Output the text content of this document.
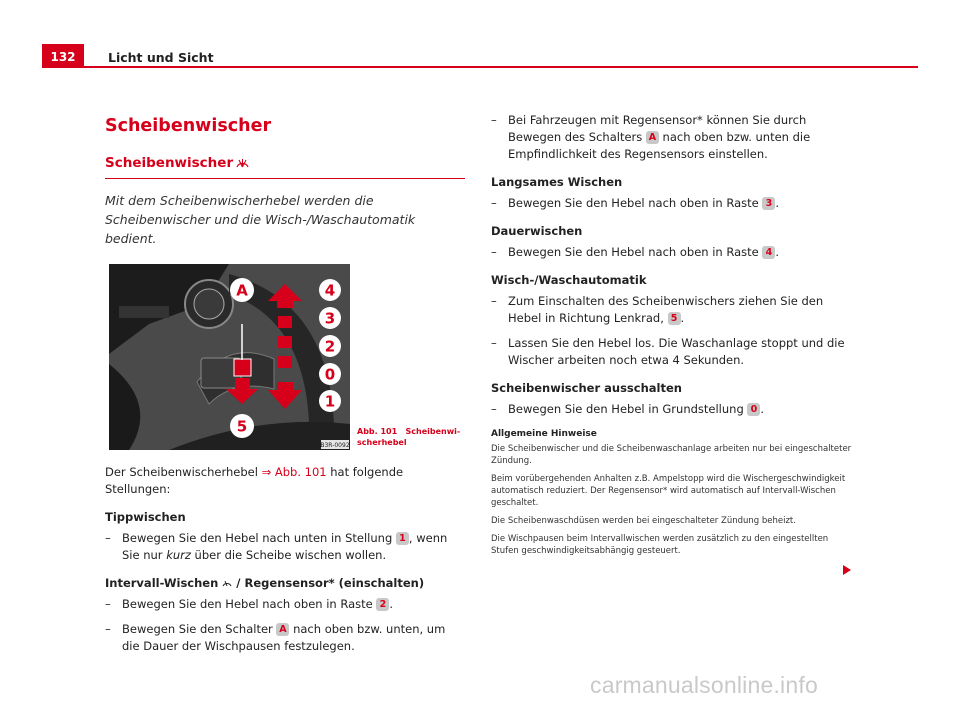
132	Licht und Sicht
Scheibenwischer
Scheibenwischer
Mit dem Scheibenwischerhebel werden die Scheibenwischer und die Wisch-/Waschautomatik bedient.
A	4
3
2
0
1
5
B3R-0092
Abb. 101 Scheibenwischerhebel

Der Scheibenwischerhebel ⇒ Abb. 101 hat folgende Stellungen:

Tippwischen
– Bewegen Sie den Hebel nach unten in Stellung 1 , wenn Sie nur kurz über die Scheibe wischen wollen.
Intervall-Wischen  / Regensensor* (einschalten)
– Bewegen Sie den Hebel nach oben in Raste 2 .
– Bewegen Sie den Schalter A nach oben bzw. unten, um die Dauer der Wischpausen festzulegen.
– Bei Fahrzeugen mit Regensensor* können Sie durch Bewegen des Schalters A nach oben bzw. unten die Empfindlichkeit des Regensensors einstellen.
Langsames Wischen
– Bewegen Sie den Hebel nach oben in Raste 3 .
Dauerwischen
– Bewegen Sie den Hebel nach oben in Raste 4 .
Wisch-/Waschautomatik
– Zum Einschalten des Scheibenwischers ziehen Sie den Hebel in Richtung Lenkrad, 5 .
– Lassen Sie den Hebel los. Die Waschanlage stoppt und die Wischer arbeiten noch etwa 4 Sekunden.
Scheibenwischer ausschalten
– Bewegen Sie den Hebel in Grundstellung 0 .
Allgemeine Hinweise
Die Scheibenwischer und die Scheibenwaschanlage arbeiten nur bei eingeschalteter Zündung.
Beim vorübergehenden Anhalten z.B. Ampelstopp wird die Wischergeschwindigkeit automatisch reduziert. Der Regensensor* wird automatisch auf Intervall-Wischen geschaltet.
Die Scheibenwaschdüsen werden bei eingeschalteter Zündung beheizt.
Die Wischpausen beim Intervallwischen werden zusätzlich zu den eingestellten Stufen geschwindigkeitsabhängig gesteuert.
carmanualsonline.info
